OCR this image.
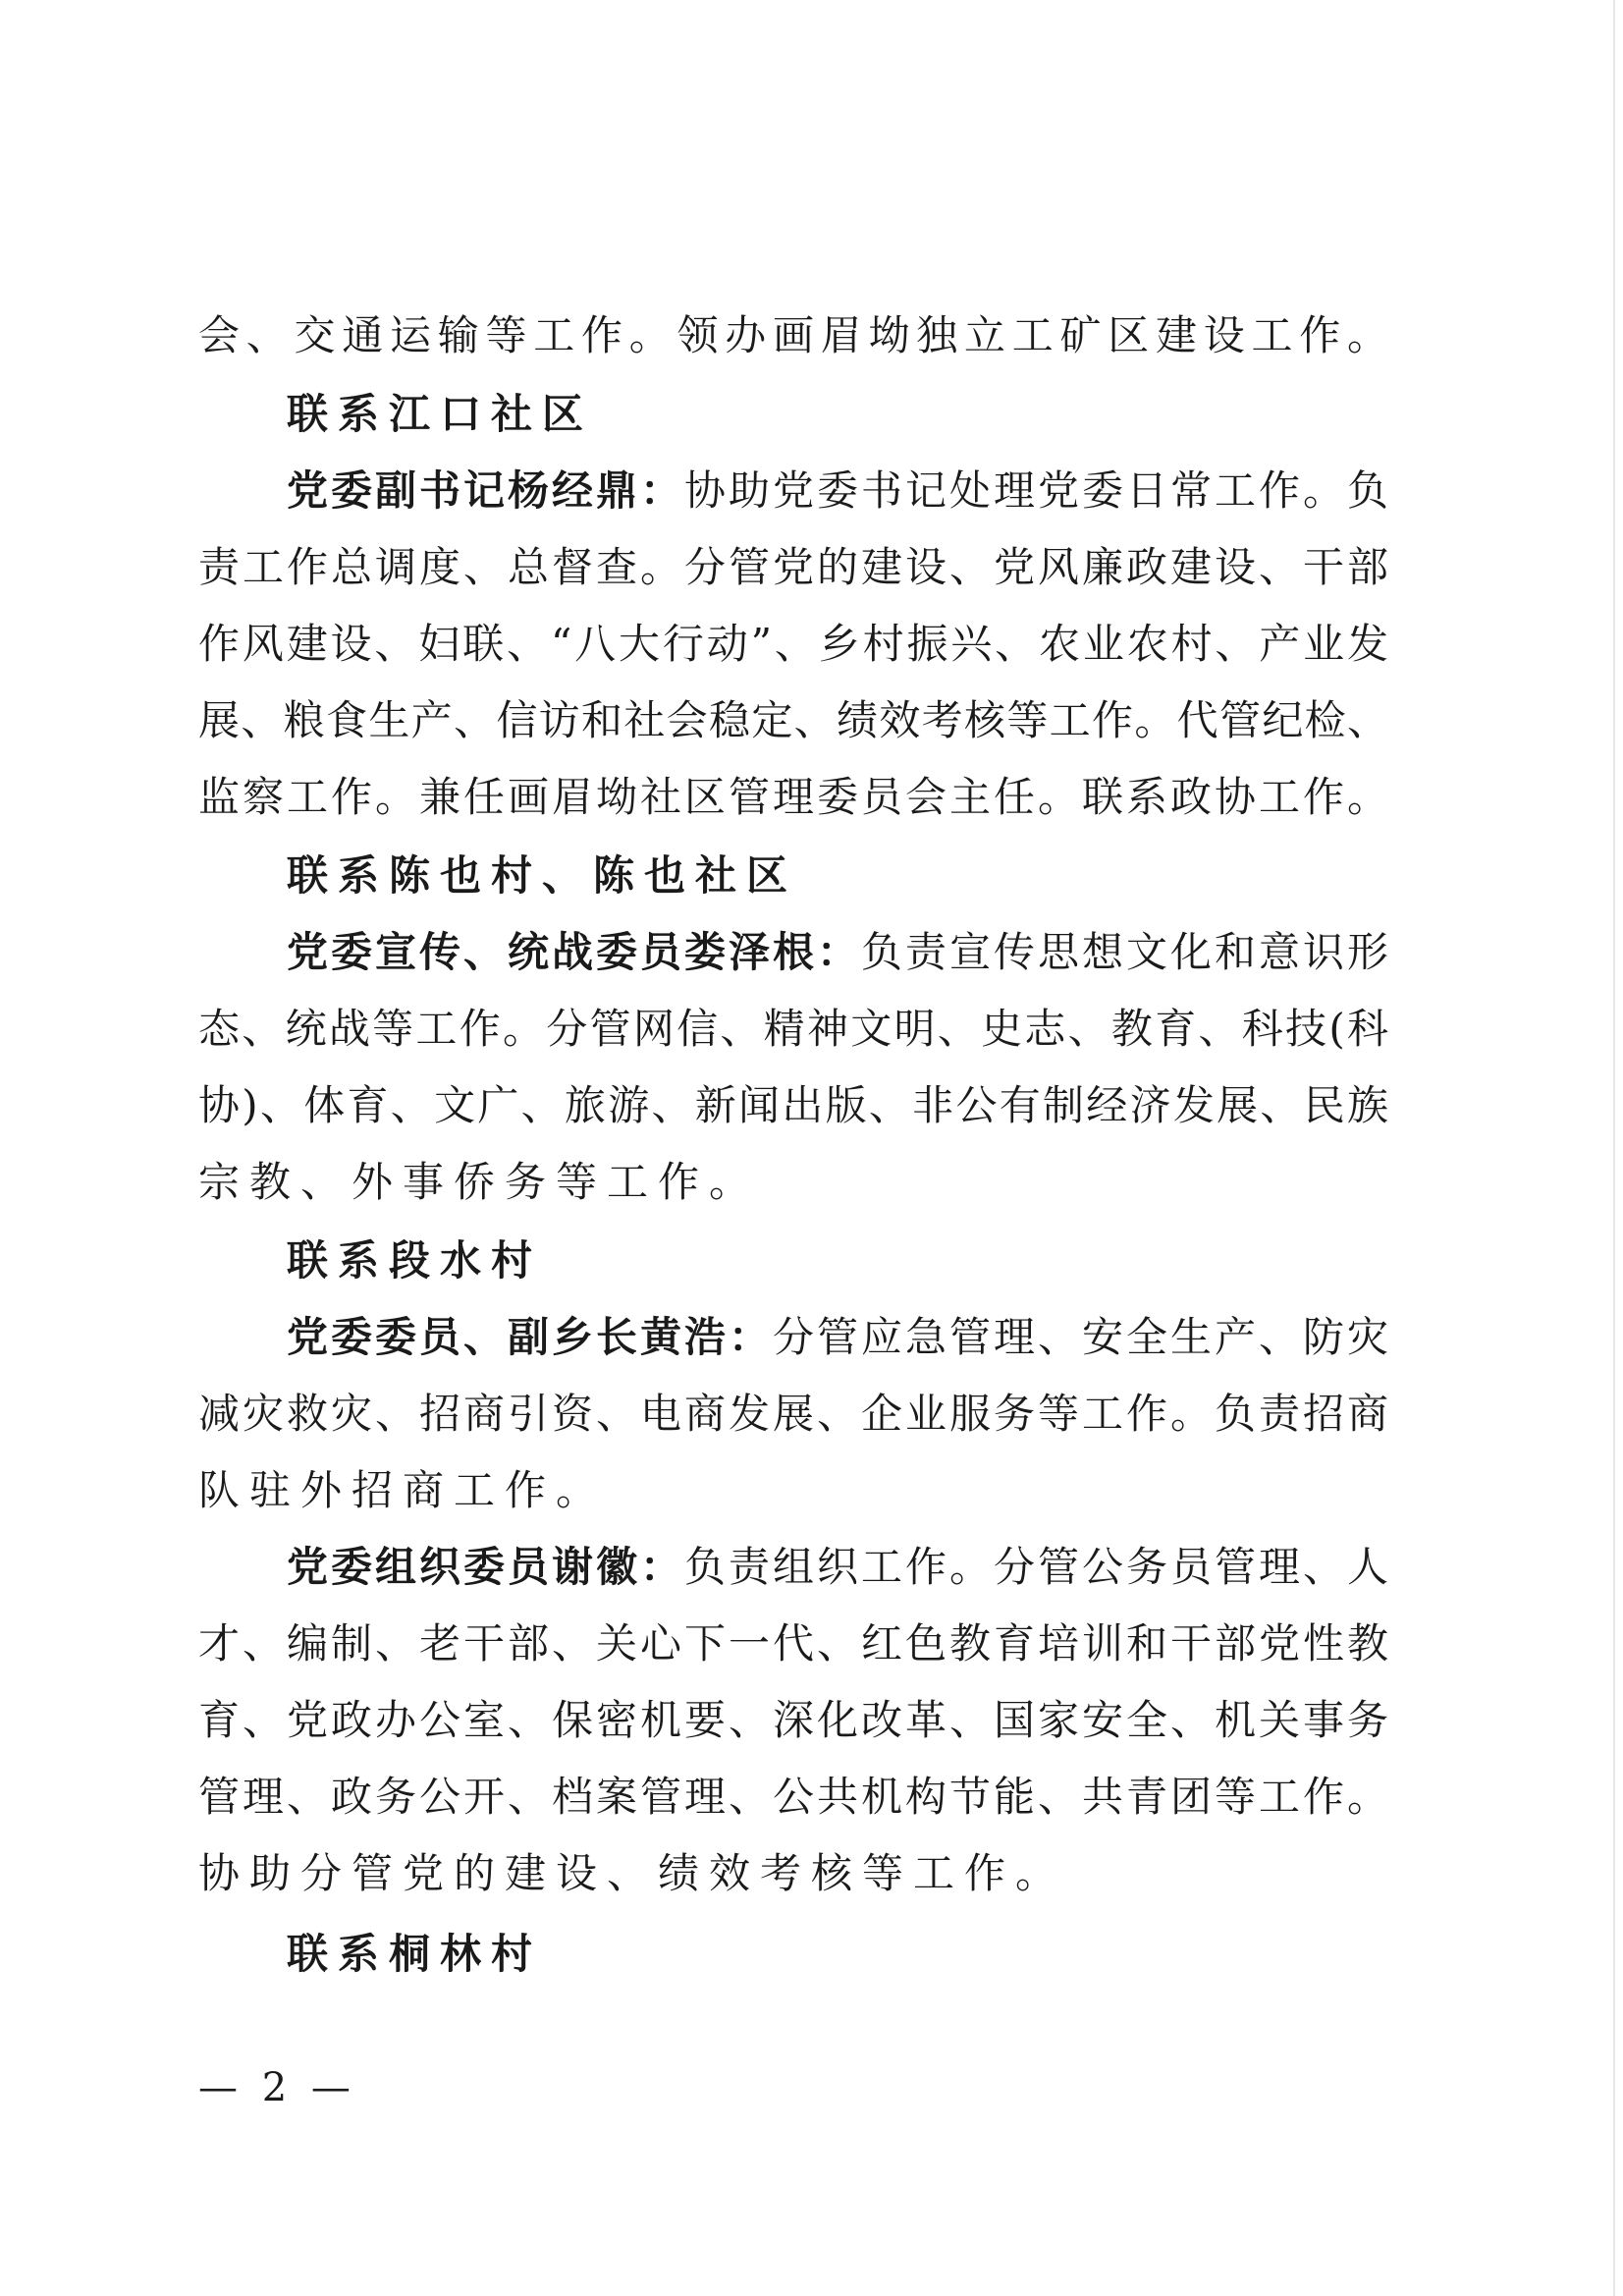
会、交通运输等工作。领办画眉坳独立工矿区建设工作。

联系江口社区

党委副书记杨经鼎：协助党委书记处理党委日常工作。负

责工作总调度、总督查。分管党的建设、党风廉政建设、干部

作风建设、妇联、“八大行动”、乡村振兴、农业农村、产业发

展、粮食生产、信访和社会稳定、绩效考核等工作。代管纪检、

监察工作。兼任画眉坳社区管理委员会主任。联系政协工作。

联系陈也村、陈也社区

党委宣传、统战委员娄泽根：负责宣传思想文化和意识形

态、统战等工作。分管网信、精神文明、史志、教育、科技(科

协)、体育、文广、旅游、新闻出版、非公有制经济发展、民族

宗教、外事侨务等工作。

联系段水村

党委委员、副乡长黄浩：分管应急管理、安全生产、防灾

减灾救灾、招商引资、电商发展、企业服务等工作。负责招商

队驻外招商工作。

党委组织委员谢徽：负责组织工作。分管公务员管理、人

才、编制、老干部、关心下一代、红色教育培训和干部党性教

育、党政办公室、保密机要、深化改革、国家安全、机关事务

管理、政务公开、档案管理、公共机构节能、共青团等工作。

协助分管党的建设、绩效考核等工作。

联系桐林村

— 2 —
